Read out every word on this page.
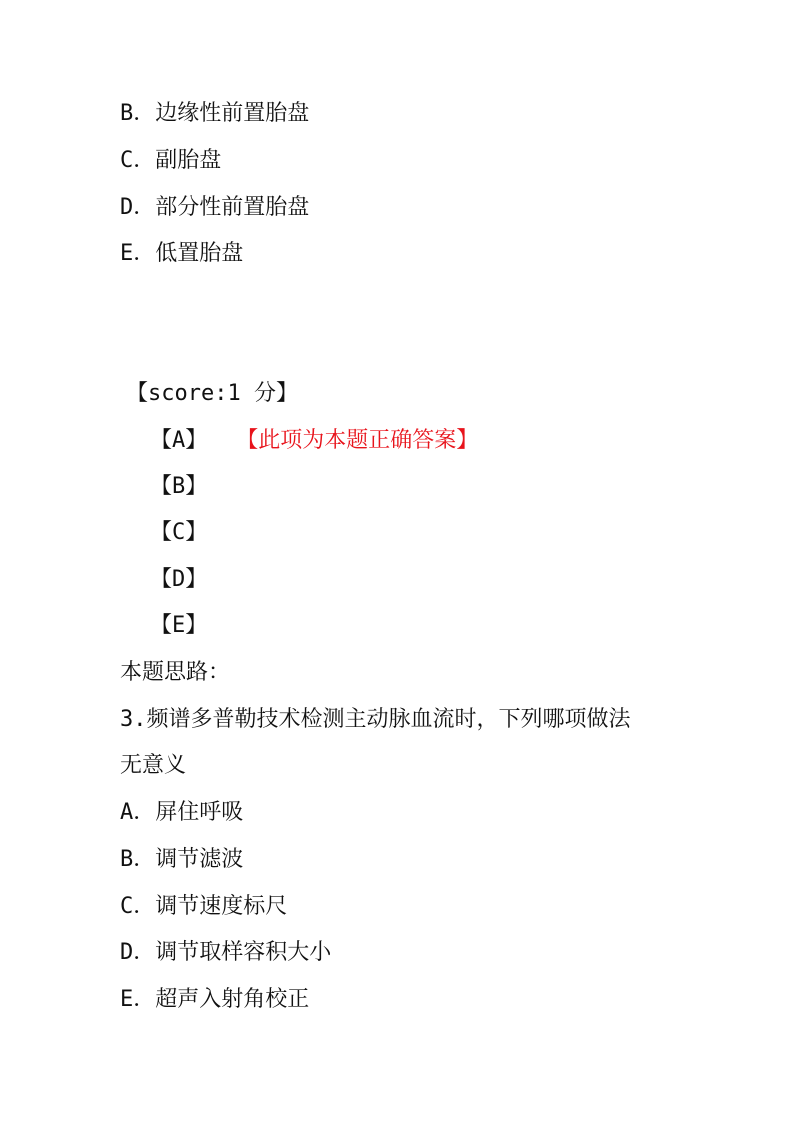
B．边缘性前置胎盘
C．副胎盘
D．部分性前置胎盘
E．低置胎盘
【score:1 分】
【A】 【此项为本题正确答案】
【B】
【C】
【D】
【E】
本题思路：
3.频谱多普勒技术检测主动脉血流时，下列哪项做法
无意义
A．屏住呼吸
B．调节滤波
C．调节速度标尺
D．调节取样容积大小
E．超声入射角校正
